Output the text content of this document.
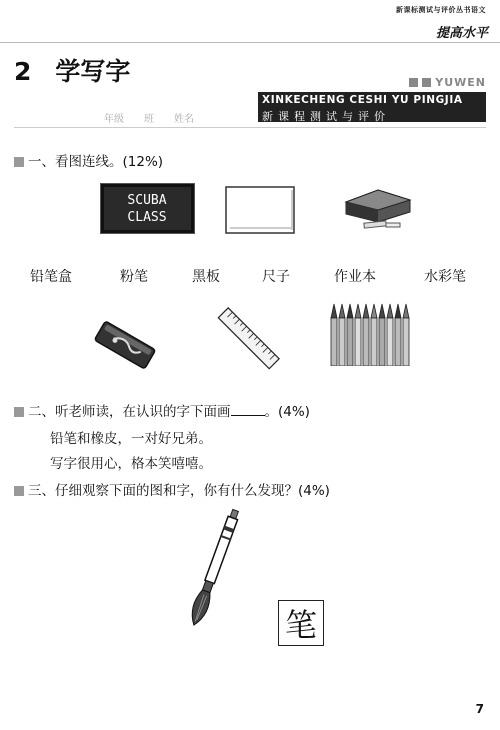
新课标测试与评价丛书语文
提高水平
2 学写字	YUWEN
XINKECHENG CESHI YU PINGJIA
新课程测试与评价
年级 班 姓名
一、看图连线。(12%)
SCUBA
CLASS
铅笔盒	粉笔	黑板	尺子	作业本	水彩笔
二、听老师读，在认识的字下面画	。(4%)
铅笔和橡皮，一对好兄弟。
写字很用心，格本笑嘻嘻。
三、仔细观察下面的图和字，你有什么发现？(4%)
笔
7
